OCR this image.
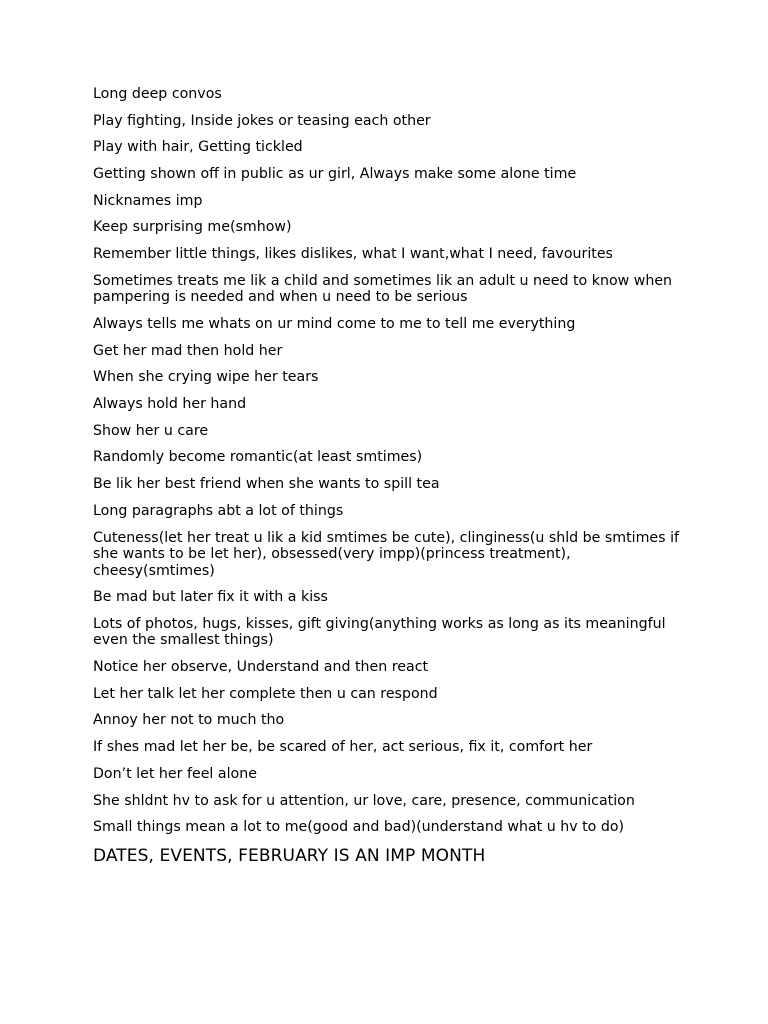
Long deep convos
Play fighting, Inside jokes or teasing each other
Play with hair, Getting tickled
Getting shown off in public as ur girl, Always make some alone time
Nicknames imp
Keep surprising me(smhow)
Remember little things, likes dislikes, what I want,what I need, favourites
Sometimes treats me lik a child and sometimes lik an adult u need to know when pampering is needed and when u need to be serious
Always tells me whats on ur mind come to me to tell me everything
Get her mad then hold her
When she crying wipe her tears
Always hold her hand
Show her u care
Randomly become romantic(at least smtimes)
Be lik her best friend when she wants to spill tea
Long paragraphs abt a lot of things
Cuteness(let her treat u lik a kid smtimes be cute), clinginess(u shld be smtimes if she wants to be let her), obsessed(very impp)(princess treatment), cheesy(smtimes)
Be mad but later fix it with a kiss
Lots of photos, hugs, kisses, gift giving(anything works as long as its meaningful even the smallest things)
Notice her observe, Understand and then react
Let her talk let her complete then u can respond
Annoy her not to much tho
If shes mad let her be, be scared of her, act serious, fix it, comfort her
Don’t let her feel alone
She shldnt hv to ask for u attention, ur love, care, presence, communication
Small things mean a lot to me(good and bad)(understand what u hv to do)
DATES, EVENTS, FEBRUARY IS AN IMP MONTH
